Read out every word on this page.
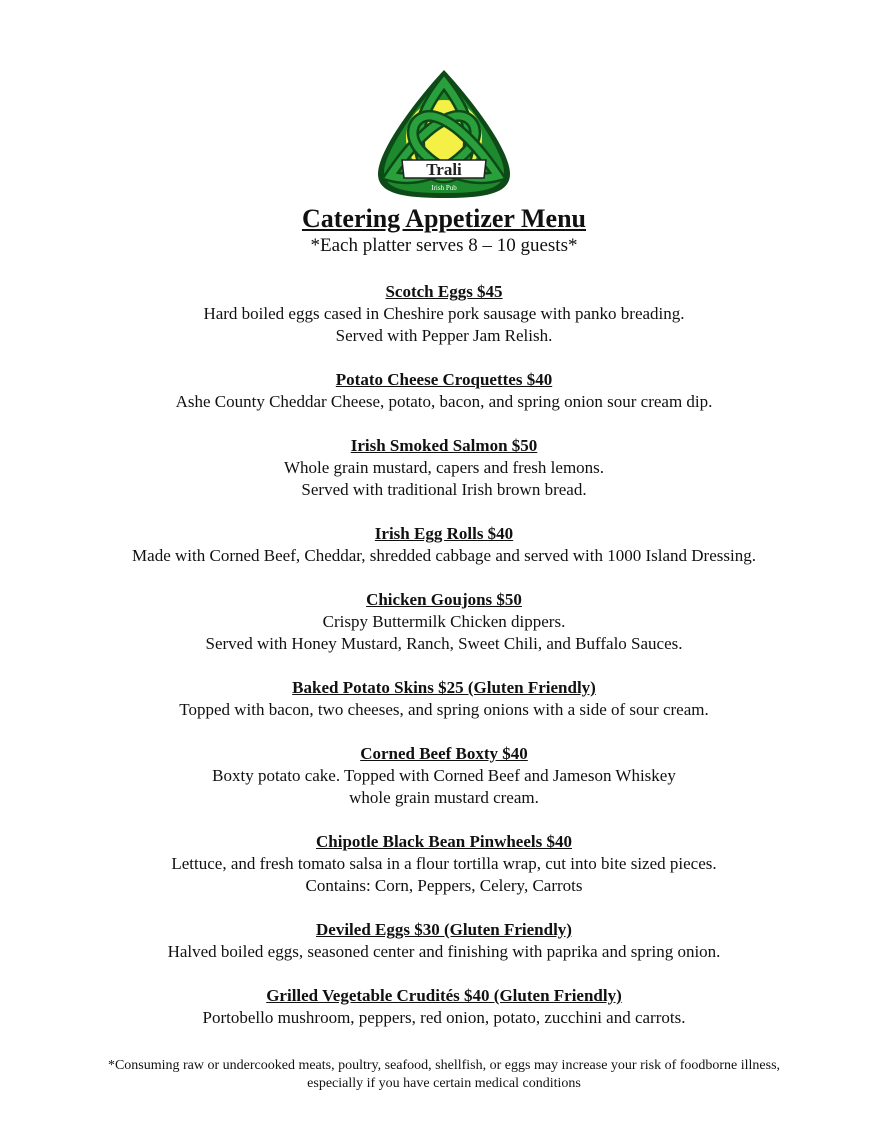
Trali
Irish Pub
Catering Appetizer Menu

*Each platter serves 8 – 10 guests*

Scotch Eggs $45

Hard boiled eggs cased in Cheshire pork sausage with panko breading.

Served with Pepper Jam Relish.

Potato Cheese Croquettes $40

Ashe County Cheddar Cheese, potato, bacon, and spring onion sour cream dip.

Irish Smoked Salmon $50

Whole grain mustard, capers and fresh lemons.

Served with traditional Irish brown bread.

Irish Egg Rolls $40

Made with Corned Beef, Cheddar, shredded cabbage and served with 1000 Island Dressing.

Chicken Goujons $50

Crispy Buttermilk Chicken dippers.

Served with Honey Mustard, Ranch, Sweet Chili, and Buffalo Sauces.

Baked Potato Skins $25 (Gluten Friendly)

Topped with bacon, two cheeses, and spring onions with a side of sour cream.

Corned Beef Boxty $40

Boxty potato cake. Topped with Corned Beef and Jameson Whiskey

whole grain mustard cream.

Chipotle Black Bean Pinwheels $40

Lettuce, and fresh tomato salsa in a flour tortilla wrap, cut into bite sized pieces.

Contains: Corn, Peppers, Celery, Carrots

Deviled Eggs $30 (Gluten Friendly)

Halved boiled eggs, seasoned center and finishing with paprika and spring onion.

Grilled Vegetable Crudités $40 (Gluten Friendly)

Portobello mushroom, peppers, red onion, potato, zucchini and carrots.

*Consuming raw or undercooked meats, poultry, seafood, shellfish, or eggs may increase your risk of foodborne illness, especially if you have certain medical conditions
